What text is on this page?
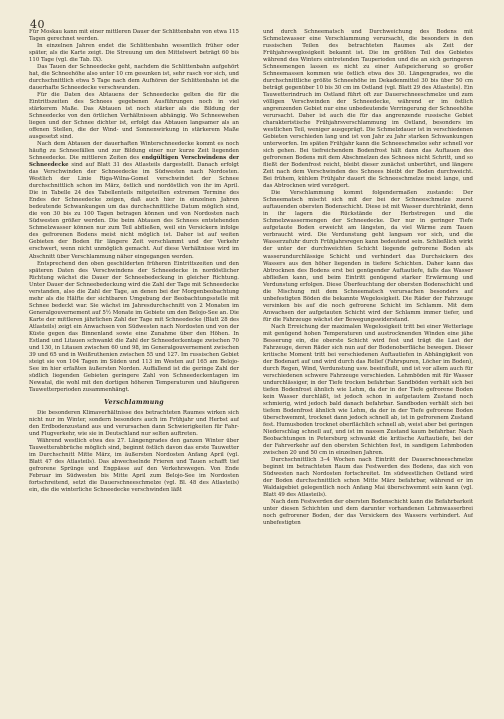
40

Für Moskau kann mit einer mittleren Dauer der Schlittenbahn von etwa 115 Tagen gerechnet werden.

In einzelnen Jahren endet die Schlittenbahn wesentlich früher oder später, als die Karte zeigt. Die Streuung um den Mittelwert beträgt 60 bis 110 Tage (vgl. die Tab. IX).

Das Tauen der Schneedecke geht, nachdem die Schlittenbahn aufgehört hat, die Schneehöhe also unter 10 cm gesunken ist, sehr rasch vor sich, und durchschnittlich etwa 5 Tage nach dem Aufhören der Schlittenbahn ist die dauerhafte Schneedecke verschwunden.

Für die Daten des Abtauens der Schneedecke gelten die für die Eintrittszeiten des Schnees gegebenen Ausführungen noch in viel stärkerem Maße. Das Abtauen ist noch stärker als die Bildung der Schneedecke von den örtlichen Verhältnissen abhängig. Wo Schneewehen liegen und der Schnee dichter ist, erfolgt das Abtauen langsamer als an offenen Stellen, die der Wind- und Sonnenwirkung in stärkerem Maße ausgesetzt sind.

Nach dem Abtauen der dauerhaften Winterschneedecke kommt es noch häufig zu Schneefällen und zur Bildung einer nur kurze Zeit liegenden Schneedecke. Die mittleren Zeiten des endgültigen Verschwindens der Schneedecke sind auf Blatt 31 des Atlasteils dargestellt. Danach erfolgt das Verschwinden der Schneedecke im Südwesten nach Nordosten. Westlich der Linie Riga-Wilna-Gomel verschwindet der Schnee durchschnittlich schon im März, östlich und nordöstlich von ihr im April. Die in Tabelle 24 des Tabellenteils mitgeteilten extremen Termine des Endes der Schneedecke zeigen, daß auch hier in einzelnen Jahren bedeutende Schwankungen um das durchschnittliche Datum möglich sind, die von 30 bis zu 100 Tagen betragen können und von Nordosten nach Südwesten größer werden. Die beim Abtauen des Schnees entstehenden Schmelzwasser können nur zum Teil abfließen, weil ein Versickern infolge des gefrorenen Bodens meist nicht möglich ist. Daher ist auf weiten Gebieten der Boden für längere Zeit verschlammt und der Verkehr erschwert, wenn nicht unmöglich gemacht. Auf diese Verhältnisse wird im Abschnitt über Verschlammung näher eingegangen werden.

Entsprechend den oben geschilderten früheren Eintrittszeiten und den späteren Daten des Verschwindens der Schneedecke in nordöstlicher Richtung wächst die Dauer der Schneebedeckung in gleicher Richtung. Unter Dauer der Schneebedeckung wird die Zahl der Tage mit Schneedecke verstanden, also die Zahl der Tage, an denen bei der Morgenbeobachtung mehr als die Hälfte der sichtbaren Umgebung der Beobachtungsstelle mit Schnee bedeckt war. Sie wächst im Jahresdurchschnitt von 2 Monaten im Generalgouvernement auf 5½ Monate im Gebiete um den Belojo-See an. Die Karte der mittleren jährlichen Zahl der Tage mit Schneedecke (Blatt 28 des Atlasteils) zeigt ein Anwachsen von Südwesten nach Nordosten und von der Küste gegen das Binnenland sowie eine Zunahme über den Höhen. In Estland und Litauen schwankt die Zahl der Schneedeckentage zwischen 70 und 130, in Litauen zwischen 60 und 98, im Generalgouvernement zwischen 39 und 65 und in Weißruthenien zwischen 55 und 127. Im russischen Gebiet steigt sie von 104 Tagen im Süden und 113 im Westen auf 165 am Belojo-See im hier erfaßten äußersten Norden. Auffallend ist die geringe Zahl der südlich liegenden Gebieten geringere Zahl von Schneedeckentagen im Newatal, die wohl mit den dortigen höheren Temperaturen und häufigeren Tauwetterperioden zusammenhängt.

Verschlammung

Die besonderen Klimaverhältnisse des betrachteten Raumes wirken sich nicht nur im Winter, sondern besonders auch im Frühjahr und Herbst auf den Erdbodenzustand aus und verursachen dann Schwierigkeiten für Fahr- und Flugverkehr, wie sie in Deutschland nur selten auftreten.

Während westlich etwa des 27. Längengrades den ganzen Winter über Tauwetterabbrüche möglich sind, beginnt östlich davon das erste Tauwetter im Durchschnitt Mitte März, im äußersten Nordosten Anfang April (vgl. Blatt 47 des Atlasteils). Das abwechselnde Frieren und Tauen schafft tief gefrorene Sprünge und Engpässe auf den Verkehrswegen. Von Ende Februar im Südwesten bis Mitte April zum Belojo-See im Nordosten fortschreitend, setzt die Dauerschneeschmelze (vgl. Bl. 48 des Atlasteils) ein, die die winterliche Schneedecke verschwinden läßt

und durch Schneematsch und Durchweichung des Bodens mit Schmelzwasser eine Verschlammung verursacht, die besonders in den russischen Teilen des betrachteten Raumes als Zeit der Frühjahrsweglosigkeit bekannt ist. Die im größten Teil des Gebietes während des Winters eintretenden Tauperioden und die an sich geringeren Schneemengen lassen es nicht zu einer Aufspeicherung so großer Schneemassen kommen wie östlich etwa des 30. Längengrades, wo die durchschnittliche größte Schneehöhe im Dekadenmittel 30 bis über 50 cm beträgt gegenüber 10 bis 30 cm im Ostland (vgl. Blatt 29 des Atlasteils). Ein Tauwetterindruch im Ostland führt oft zur Dauerschneeschmelze und zum völligen Verschwinden der Schneedecke, während er im östlich angrenzenden Gebiet nur eine unbedeutende Verringerung der Schneehöhe verursacht. Daher ist auch die für das angrenzende russische Gebiet charakteristische Frühjahrsverschlammung im Ostland, besonders im westlichen Teil, weniger ausgeprägt. Die Schmelzdauer ist in verschiedenen Gebieten verschieden lang und ist von Jahr zu Jahr starken Schwankungen unterworfen. Im späten Frühjahr kann die Schneeschmelze sehr schnell vor sich gehen. Bei tiefreichendem Bodenfrost hält dann das Auftauen des gefrorenen Bodens mit dem Abschmelzen des Schnees nicht Schritt, und so fließt der Bodenfrost reicht, bleibt dieser zunächst unberührt, und längere Zeit nach dem Verschwinden des Schnees bleibt der Boden durchweicht. Bei frühem, kühlem Frühjahr dauert die Schneeschmelze meist lange, und das Abtrocknen wird verzögert.

Die Verschlammung kommt folgendermaßen zustande: Der Schneematsch mischt sich mit der bei der Schneeschmelze zuerst auftauenden obersten Bodenschicht. Diese ist mit Wasser durchtränkt, denn in ihr lagern die Rückstände der Herbstregen und die Schmelzwassermengen der Schneedecke. Der nur in geringer Tiefe aufgetaute Boden erweicht am längsten, da viel Wärme zum Tauen verbraucht wird. Die Verdunstung geht langsam vor sich, und die Wasserzufuhr durch Frühjahrsregen kann bedeutend sein. Schließlich wirkt der unter der durchweichten Schicht liegende gefrorene Boden als wasserundurchlässige Schicht und verhindert das Durchsickern des Wassers aus den höher liegenden in tiefere Schichten. Daher kann das Abtrocknen des Bodens erst bei genügender Auftautiefe, falls das Wasser abfließen kann, und beim Eintritt genügend starker Erwärmung und Verdunstung erfolgen. Diese Überfeuchtung der obersten Bodenschicht und die Mischung mit dem Schneematsch verursachen besonders auf unbefestigten Böden die bekannte Wegelosigkeit. Die Räder der Fahrzeuge versinken bis auf die noch gefrorene Schicht im Schlamm. Mit dem Anwachsen der aufgetauten Schicht wird der Schlamm immer tiefer, und für die Fahrzeuge wächst der Bewegungswiderstand.

Nach Erreichung der maximalen Wegelosigkeit tritt bei einer Wetterlage mit genügend hohen Temperaturen und austrocknenden Winden eine jähe Besserung ein, die oberste Schicht wird fest und trägt die Last der Fahrzeuge, deren Räder sich nun auf der Bodenoberfläche bewegen. Dieser kritische Moment tritt bei verschiedenen Auftautiefen in Abhängigkeit von der Bodenart auf und wird durch das Relief (Fahrspuren, Löcher im Boden), durch Regen, Wind, Verdunstung usw. beeinflußt, und ist vor allem auch für verschiedenen schwere Fahrzeuge verschieden. Lehmböden mit für Wasser undurchlässiger, in der Tiefe trocken befahrbar. Sandböden verhält sich bei tiefen Bodenfrost ähnlich wie Lehm, da der in der Tiefe gefrorene Boden kein Wasser durchläßt, ist jedoch schon in aufgetautem Zustand noch schmierig, wird jedoch bald danach befahrbar. Sandboden verhält sich bei tiefem Bodenfrost ähnlich wie Lehm, da der in der Tiefe gefrorene Boden überschwemmt, trocknet dann jedoch schnell ab, ist in gefrorenem Zustand fest. Humusboden trocknet oberflächlich schnell ab, weist aber bei geringen Niederschlag schnell auf, und ist im nassen Zustand kaum befahrbar. Nach Beobachtungen in Petersburg schwankt die kritische Auftautiefe, bei der der Fahrverkehr auf den obersten Schichten fest, in sandigem Lehmboden zwischen 20 und 50 cm in einzelnen Jahren.

Durchschnittlich 3–4 Wochen nach Eintritt der Dauerschneeschmelze beginnt im betrachteten Raum das Festwerden des Bodens, das sich von Südwesten nach Nordosten fortschreitet. Im südwestlichen Ostland wird der Boden durchschnittlich schon Mitte März befahrbar, während er im Waldaigebiet gelegentlich noch Anfang Mai überschwemmt sein kann (vgl. Blatt 49 des Atlasteils).

Nach dem Festwerden der obersten Bodenschicht kann die Befahrbarkeit unter diesen Schichten und dem darunter vorhandenen Lehmwasserbrei noch gefrorener Boden, der das Versickern des Wassers verhindert. Auf unbefestigten
